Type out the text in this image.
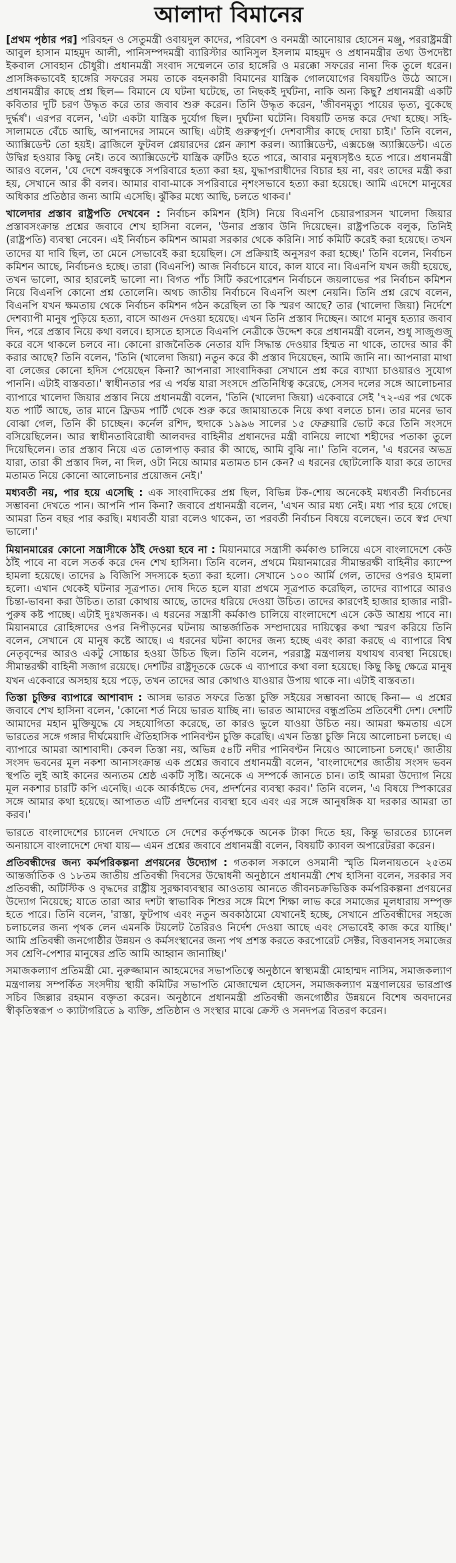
আলাদা বিমানের

[প্রথম পৃষ্ঠার পর] পরিবহন ও সেতুমন্ত্রী ওবায়দুল কাদের, পরিবেশ ও বনমন্ত্রী আনোয়ার হোসেন মঞ্জু, পররাষ্ট্রমন্ত্রী আবুল হাসান মাহমুদ আলী, পানিসম্পদমন্ত্রী ব্যারিস্টার আনিসুল ইসলাম মাহমুদ ও প্রধানমন্ত্রীর তথ্য উপদেষ্টা ইকবাল সোবহান চৌধুরী। প্রধানমন্ত্রী সংবাদ সম্মেলনে তার হাঙ্গেরি ও মরক্কো সফরের নানা দিক তুলে ধরেন। প্রাসঙ্গিকভাবেই হাঙ্গেরি সফরের সময় তাকে বহনকারী বিমানের যান্ত্রিক গোলযোগের বিষয়টিও উঠে আসে। প্রধানমন্ত্রীর কাছে প্রশ্ন ছিল— বিমানে যে ঘটনা ঘটেছে, তা নিছকই দুর্ঘটনা, নাকি অন্য কিছু? প্রধানমন্ত্রী একটি কবিতার দুটি চরণ উদ্ধৃত করে তার জবাব শুরু করেন। তিনি উদ্ধৃত করেন, 'জীবনমৃত্যু পায়ের ভৃত্য, বুকেছে দুর্দ্ধর্ষ'। এরপর বলেন, 'এটা একটা যান্ত্রিক দুর্যোগ ছিল। দুর্ঘটনা ঘটেনি। বিষয়টি তদন্ত করে দেখা হচ্ছে। সহি-সালামতে বেঁচে আছি, আপনাদের সামনে আছি। এটাই গুরুত্বপূর্ণ। দেশবাসীর কাছে দোয়া চাই।' তিনি বলেন, অ্যাক্সিডেন্ট তো হয়ই। ব্রাজিলে ফুটবল প্লেয়ারদের প্লেন ক্র্যাশ করল। অ্যাক্সিডেন্ট, এক্সচেঞ্জ অ্যাক্সিডেন্ট। এতে উদ্বিগ্ন হওয়ার কিছু নেই। তবে অ্যাক্সিডেন্টে যান্ত্রিক ত্রুটিও হতে পারে, আবার মনুষ্যসৃষ্টও হতে পারে। প্রধানমন্ত্রী আরও বলেন, 'যে দেশে বঙ্গবন্ধুকে সপরিবারে হত্যা করা হয়, যুদ্ধাপরাধীদের বিচার হয় না, বরং তাদের মন্ত্রী করা হয়, সেখানে আর কী বলব। আমার বাবা-মাকে সপরিবারে নৃশংসভাবে হত্যা করা হয়েছে। আমি এদেশে মানুষের অধিকার প্রতিষ্ঠার জন্য আমি এসেছি। ঝুঁকির মধ্যে আছি, চলতে থাকব।'

খালেদার প্রস্তাব রাষ্ট্রপতি দেখবেন : নির্বাচন কমিশন (ইসি) নিয়ে বিএনপি চেয়ারপারসন খালেদা জিয়ার প্রস্তাবসংক্রান্ত প্রশ্নের জবাবে শেখ হাসিনা বলেন, 'উনার প্রস্তাব উনি দিয়েছেন। রাষ্ট্রপতিকে বলুক, তিনিই (রাষ্ট্রপতি) ব্যবস্থা নেবেন। এই নির্বাচন কমিশন আমরা সরকার থেকে করিনি। সার্চ কমিটি করেই করা হয়েছে। তখন তাদের যা দাবি ছিল, তা মেনে সেভাবেই করা হয়েছিল। সে প্রক্রিয়াই অনুসরণ করা হচ্ছে।' তিনি বলেন, নির্বাচন কমিশন আছে, নির্বাচনও হচ্ছে। তারা (বিএনপি) আজ নির্বাচনে যাবে, কাল যাবে না। বিএনপি যখন জয়ী হয়েছে, তখন ভালো, আর হারলেই ভালো না। বিগত পাঁচ সিটি করপোরেশন নির্বাচনে জয়লাভের পর নির্বাচন কমিশন নিয়ে বিএনপি কোনো প্রশ্ন তোলেনি। অথচ জাতীয় নির্বাচনে বিএনপি অংশ নেয়নি। তিনি প্রশ্ন রেখে বলেন, বিএনপি যখন ক্ষমতায় থেকে নির্বাচন কমিশন গঠন করেছিল তা কি স্মরণ আছে? তার (খালেদা জিয়া) নির্দেশে দেশব্যাপী মানুষ পুড়িয়ে হত্যা, বাসে আগুন দেওয়া হয়েছে। এখন তিনি প্রস্তাব দিচ্ছেন। আগে মানুষ হত্যার জবাব দিন, পরে প্রস্তাব নিয়ে কথা বলবে। হাসতে হাসতে বিএনপি নেত্রীকে উদ্দেশ করে প্রধানমন্ত্রী বলেন, শুধু সাজুগুজু করে বসে থাকলে চলবে না। কোনো রাজনৈতিক নেতার যদি সিদ্ধান্ত দেওয়ার হিম্মত না থাকে, তাদের আর কী করার আছে? তিনি বলেন, 'তিনি (খালেদা জিয়া) নতুন করে কী প্রস্তাব দিয়েছেন, আমি জানি না। আপনারা মাথা বা লেজের কোনো হদিস পেয়েছেন কিনা? আপনারা সাংবাদিকরা সেখানে প্রশ্ন করে ব্যাখ্যা চাওয়ারও সুযোগ পাননি। এটাই বাস্তবতা।' স্বাধীনতার পর এ পর্যন্ত যারা সংসদে প্রতিনিধিত্ব করেছে, সেসব দলের সঙ্গে আলোচনার ব্যাপারে খালেদা জিয়ার প্রস্তাব নিয়ে প্রধানমন্ত্রী বলেন, 'তিনি (খালেদা জিয়া) একেবারে সেই '৭২-এর পর থেকে যত পার্টি আছে, তার মানে ফ্রিডম পার্টি থেকে শুরু করে জামায়াতকে নিয়ে কথা বলতে চান। তার মনের ভাব বোঝা গেল, তিনি কী চাচ্ছেন। কর্নেল রশিদ, হুদাকে ১৯৯৬ সালের ১৫ ফেব্রুয়ারি ভোট করে তিনি সংসদে বসিয়েছিলেন। আর স্বাধীনতাবিরোধী আলবদর বাহিনীর প্রধানদের মন্ত্রী বানিয়ে লাখো শহীদের পতাকা তুলে দিয়েছিলেন। তার প্রস্তাব নিয়ে এত তোলপাড় করার কী আছে, আমি বুঝি না।' তিনি বলেন, 'এ ধরনের অভদ্র যারা, তারা কী প্রস্তাব দিল, না দিল, ওটা নিয়ে আমার মতামত চান কেন? এ ধরনের ছোটলোকি যারা করে তাদের মতামত নিয়ে কোনো আলোচনার প্রয়োজন নেই।'

মধ্যবর্তী নয়, পার হয়ে এসেছি : এক সাংবাদিকের প্রশ্ন ছিল, বিভিন্ন টক-শোয় অনেকেই মধ্যবর্তী নির্বাচনের সম্ভাবনা দেখতে পান। আপনি পান কিনা? জবাবে প্রধানমন্ত্রী বলেন, 'এখন আর মধ্য নেই। মধ্য পার হয়ে গেছে। আমরা তিন বছর পার করছি। মধ্যবর্তী যারা বলেও থাকেন, তা পরবর্তী নির্বাচন বিষয়ে বলেছেন। তবে স্বপ্ন দেখা ভালো।'

মিয়ানমারের কোনো সন্ত্রাসীকে ঠাঁই দেওয়া হবে না : মিয়ানমারে সন্ত্রাসী কর্মকাণ্ড চালিয়ে এসে বাংলাদেশে কেউ ঠাঁই পাবে না বলে সতর্ক করে দেন শেখ হাসিনা। তিনি বলেন, প্রথমে মিয়ানমারের সীমান্তরক্ষী বাহিনীর ক্যাম্পে হামলা হয়েছে। তাদের ৯ বিজিপি সদস্যকে হত্যা করা হলো। সেখানে ১০০ আর্মি গেল, তাদের ওপরও হামলা হলো। এখান থেকেই ঘটনার সূত্রপাত। দোষ দিতে হলে যারা প্রথমে সূত্রপাত করেছিল, তাদের ব্যাপারে আরও চিন্তা-ভাবনা করা উচিত। তারা কোথায় আছে, তাদের ধরিয়ে দেওয়া উচিত। তাদের কারণেই হাজার হাজার নারী-পুরুষ কষ্ট পাচ্ছে। এটাই দুঃখজনক। এ ধরনের সন্ত্রাসী কর্মকাণ্ড চালিয়ে বাংলাদেশে এসে কেউ আশ্রয় পাবে না। মিয়ানমারে রোহিঙ্গাদের ওপর নিপীড়নের ঘটনায় আন্তর্জাতিক সম্প্রদায়ের দায়িত্বের কথা স্মরণ করিয়ে তিনি বলেন, সেখানে যে মানুষ কষ্টে আছে। এ ধরনের ঘটনা কাদের জন্য হচ্ছে এবং কারা করছে এ ব্যাপারে বিশ্ব নেতৃবৃন্দের আরও একটু সোচ্চার হওয়া উচিত ছিল। তিনি বলেন, পররাষ্ট্র মন্ত্রণালয় যথাযথ ব্যবস্থা নিয়েছে। সীমান্তরক্ষী বাহিনী সজাগ রয়েছে। দেশটির রাষ্ট্রদূতকে ডেকে এ ব্যাপারে কথা বলা হয়েছে। কিছু কিছু ক্ষেত্রে মানুষ যখন একেবারে অসহায় হয়ে পড়ে, তখন তাদের আর কোথাও যাওয়ার উপায় থাকে না। এটাই বাস্তবতা।

তিস্তা চুক্তির ব্যাপারে আশাবাদ : আসন্ন ভারত সফরে তিস্তা চুক্তি সইয়ের সম্ভাবনা আছে কিনা— এ প্রশ্নের জবাবে শেখ হাসিনা বলেন, 'কোনো শর্ত নিয়ে ভারত যাচ্ছি না। ভারত আমাদের বন্ধুপ্রতিম প্রতিবেশী দেশ। দেশটি আমাদের মহান মুক্তিযুদ্ধে যে সহযোগিতা করেছে, তা কারও ভুলে যাওয়া উচিত নয়। আমরা ক্ষমতায় এসে ভারতের সঙ্গে গঙ্গার দীর্ঘমেয়াদি ঐতিহাসিক পানিবণ্টন চুক্তি করেছি। এখন তিস্তা চুক্তি নিয়ে আলোচনা চলছে। এ ব্যাপারে আমরা আশাবাদী। কেবল তিস্তা নয়, অভিন্ন ৫৪টি নদীর পানিবণ্টন নিয়েও আলোচনা চলছে।' জাতীয় সংসদ ভবনের মূল নকশা আনাসংক্রান্ত এক প্রশ্নের জবাবে প্রধানমন্ত্রী বলেন, 'বাংলাদেশের জাতীয় সংসদ ভবন স্থপতি লুই আই কানের অন্যতম শ্রেষ্ঠ একটি সৃষ্টি। অনেকে এ সম্পর্কে জানতে চান। তাই আমরা উদ্যোগ নিয়ে মূল নকশার চারটি কপি এনেছি। একে আর্কাইভে দেব, প্রদর্শনের ব্যবস্থা করব।' তিনি বলেন, 'এ বিষয়ে স্পিকারের সঙ্গে আমার কথা হয়েছে। আপাতত এটি প্রদর্শনের ব্যবস্থা হবে এবং এর সঙ্গে আনুষঙ্গিক যা দরকার আমরা তা করব।'

ভারতে বাংলাদেশের চ্যানেল দেখাতে সে দেশের কর্তৃপক্ষকে অনেক টাকা দিতে হয়, কিন্তু ভারতের চ্যানেল অনায়াসে বাংলাদেশে দেখা যায়— এমন প্রশ্নের জবাবে প্রধানমন্ত্রী বলেন, বিষয়টি ক্যাবল অপারেটররা করেন।

প্রতিবন্ধীদের জন্য কর্মপরিকল্পনা প্রণয়নের উদ্যোগ : গতকাল সকালে ওসমানী স্মৃতি মিলনায়তনে ২৫তম আন্তর্জাতিক ও ১৮তম জাতীয় প্রতিবন্ধী দিবসের উদ্বোধনী অনুষ্ঠানে প্রধানমন্ত্রী শেখ হাসিনা বলেন, সরকার সব প্রতিবন্ধী, অটিস্টিক ও বৃদ্ধদের রাষ্ট্রীয় সুরক্ষাব্যবস্থার আওতায় আনতে জীবনচক্রভিত্তিক কর্মপরিকল্পনা প্রণয়নের উদ্যোগ নিয়েছে; যাতে তারা আর দশটা স্বাভাবিক শিশুর সঙ্গে মিশে শিক্ষা লাভ করে সমাজের মূলধারায় সম্পৃক্ত হতে পারে। তিনি বলেন, 'রাস্তা, ফুটপাথ এবং নতুন অবকাঠামো যেখানেই হচ্ছে, সেখানে প্রতিবন্ধীদের সহজে চলাচলের জন্য পৃথক লেন এমনকি টয়লেট তৈরিরও নির্দেশ দেওয়া আছে এবং সেভাবেই কাজ করে যাচ্ছি।' আমি প্রতিবন্ধী জনগোষ্ঠীর উন্নয়ন ও কর্মসংস্থানের জন্য পথ প্রশস্ত করতে করপোরেট সেক্টর, বিত্তবানসহ সমাজের সব শ্রেণি-পেশার মানুষের প্রতি আমি আহ্বান জানাচ্ছি।'

সমাজকল্যাণ প্রতিমন্ত্রী মো. নুরুজ্জামান আহমেদের সভাপতিত্বে অনুষ্ঠানে স্বাস্থ্যমন্ত্রী মোহাম্মদ নাসিম, সমাজকল্যাণ মন্ত্রণালয় সম্পর্কিত সংসদীয় স্থায়ী কমিটির সভাপতি মোজাম্মেল হোসেন, সমাজকল্যাণ মন্ত্রণালয়ের ভারপ্রাপ্ত সচিব জিল্লার রহমান বক্তৃতা করেন। অনুষ্ঠানে প্রধানমন্ত্রী প্রতিবন্ধী জনগোষ্ঠীর উন্নয়নে বিশেষ অবদানের স্বীকৃতিস্বরূপ ৩ ক্যাটাগরিতে ৯ ব্যক্তি, প্রতিষ্ঠান ও সংস্থার মাঝে ক্রেস্ট ও সনদপত্র বিতরণ করেন।
